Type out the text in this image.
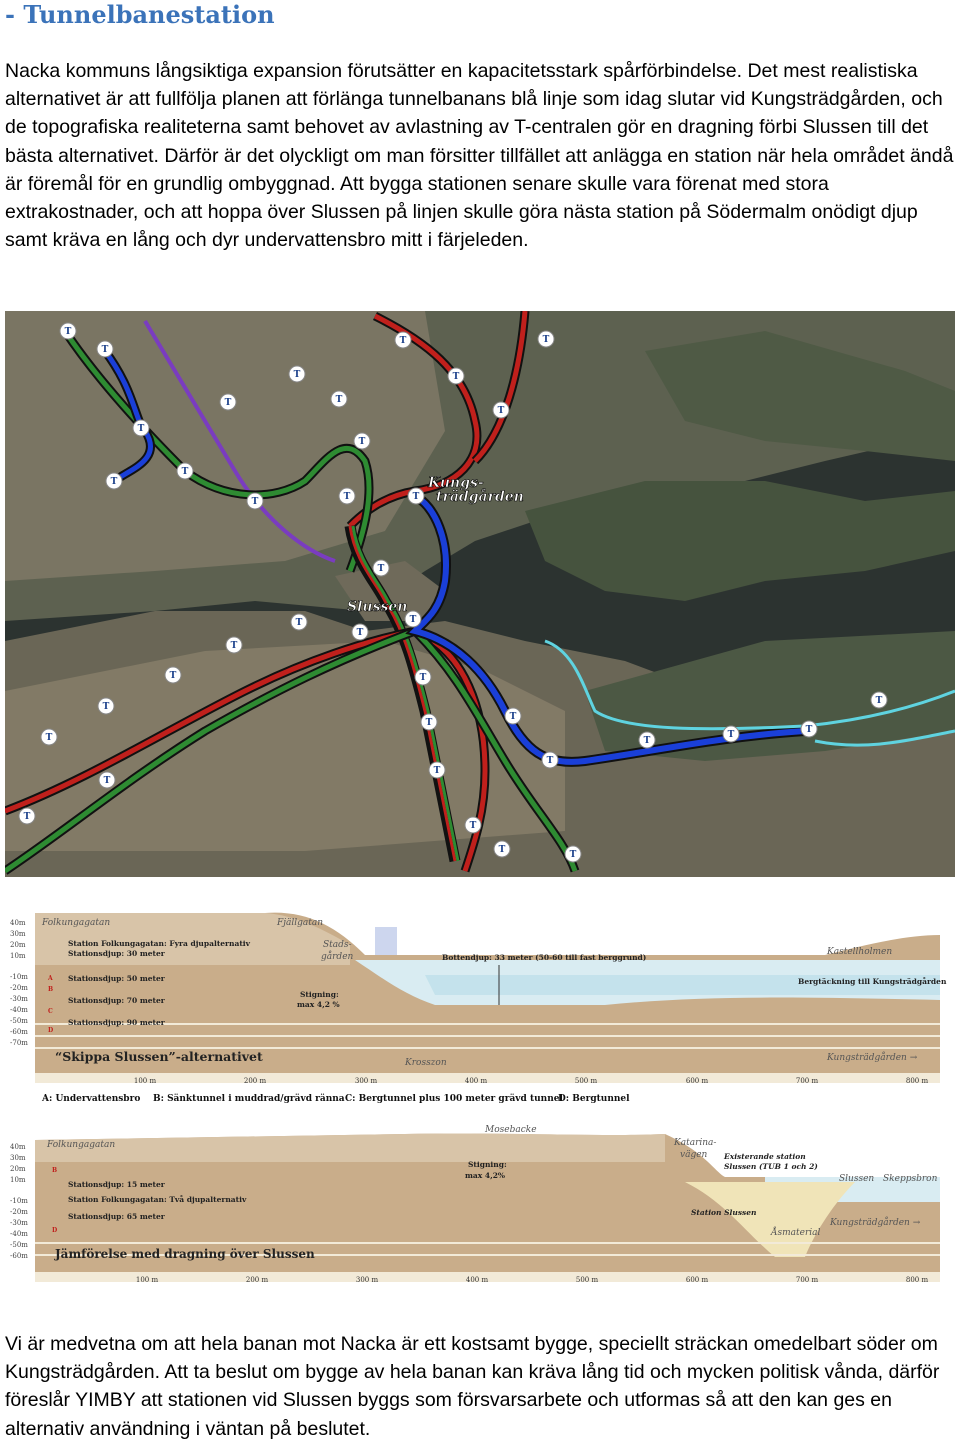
- Tunnelbanestation

Nacka kommuns långsiktiga expansion förutsätter en kapacitetsstark spårförbindelse. Det mest realistiska alternativet är att fullfölja planen att förlänga tunnelbanans blå linje som idag slutar vid Kungsträdgården, och de topografiska realiteterna samt behovet av avlastning av T-centralen gör en dragning förbi Slussen till det bästa alternativet. Därför är det olyckligt om man försitter tillfället att anlägga en station när hela området ändå är föremål för en grundlig ombyggnad. Att bygga stationen senare skulle vara förenat med stora extrakostnader, och att hoppa över Slussen på linjen skulle göra nästa station på Södermalm onödigt djup samt kräva en lång och dyr undervattensbro mitt i färjeleden.

T
T
T	T
T	T
T	T
T
T
T
T
T
T	T	T
T
T
T
T
T
T	T
T
T
T
T
T	T
T	T
T
T
T
T
T
T	T
Kungs-
trädgården
Slussen
40m
30m
20m
10m
-10m
-20m
-30m
-40m
-50m
-60m
-70m
Folkungagatan	Fjällgatan
Stads-
gården	Kastellholmen
Krosszon	Kungsträdgården →
Station Folkungagatan: Fyra djupalternativ
Stationsdjup: 30 meter
Stationsdjup: 50 meter
Stationsdjup: 70 meter
Stationsdjup: 90 meter
Bottendjup: 33 meter (50-60 till fast berggrund)
Bergtäckning till Kungsträdgården
Stigning:
max 4,2 %
A
B
C
D
“Skippa Slussen”-alternativet
100 m	200 m	300 m	400 m	500 m	600 m	700 m	800 m
A: Undervattensbro B: Sänktunnel i muddrad/grävd ränna C: Bergtunnel plus 100 meter grävd tunnel
D: Bergtunnel
40m
30m
20m
10m
-10m
-20m
-30m
-40m
-50m
-60m
Folkungagatan
Mosebacke
Katarina-
vägen
Slussen Skeppsbron
Kungsträdgården →
Åsmaterial
Existerande station
Slussen (TUB 1 och 2)
Stigning:
max 4,2%
Stationsdjup: 15 meter
Station Folkungagatan: Två djupalternativ
Stationsdjup: 65 meter	Station Slussen
B
D
Jämförelse med dragning över Slussen
100 m	200 m	300 m	400 m	500 m	600 m	700 m	800 m

Vi är medvetna om att hela banan mot Nacka är ett kostsamt bygge, speciellt sträckan omedelbart söder om Kungsträdgården. Att ta beslut om bygge av hela banan kan kräva lång tid och mycken politisk vånda, därför föreslår YIMBY att stationen vid Slussen byggs som försvarsarbete och utformas så att den kan ges en alternativ användning i väntan på beslutet.
